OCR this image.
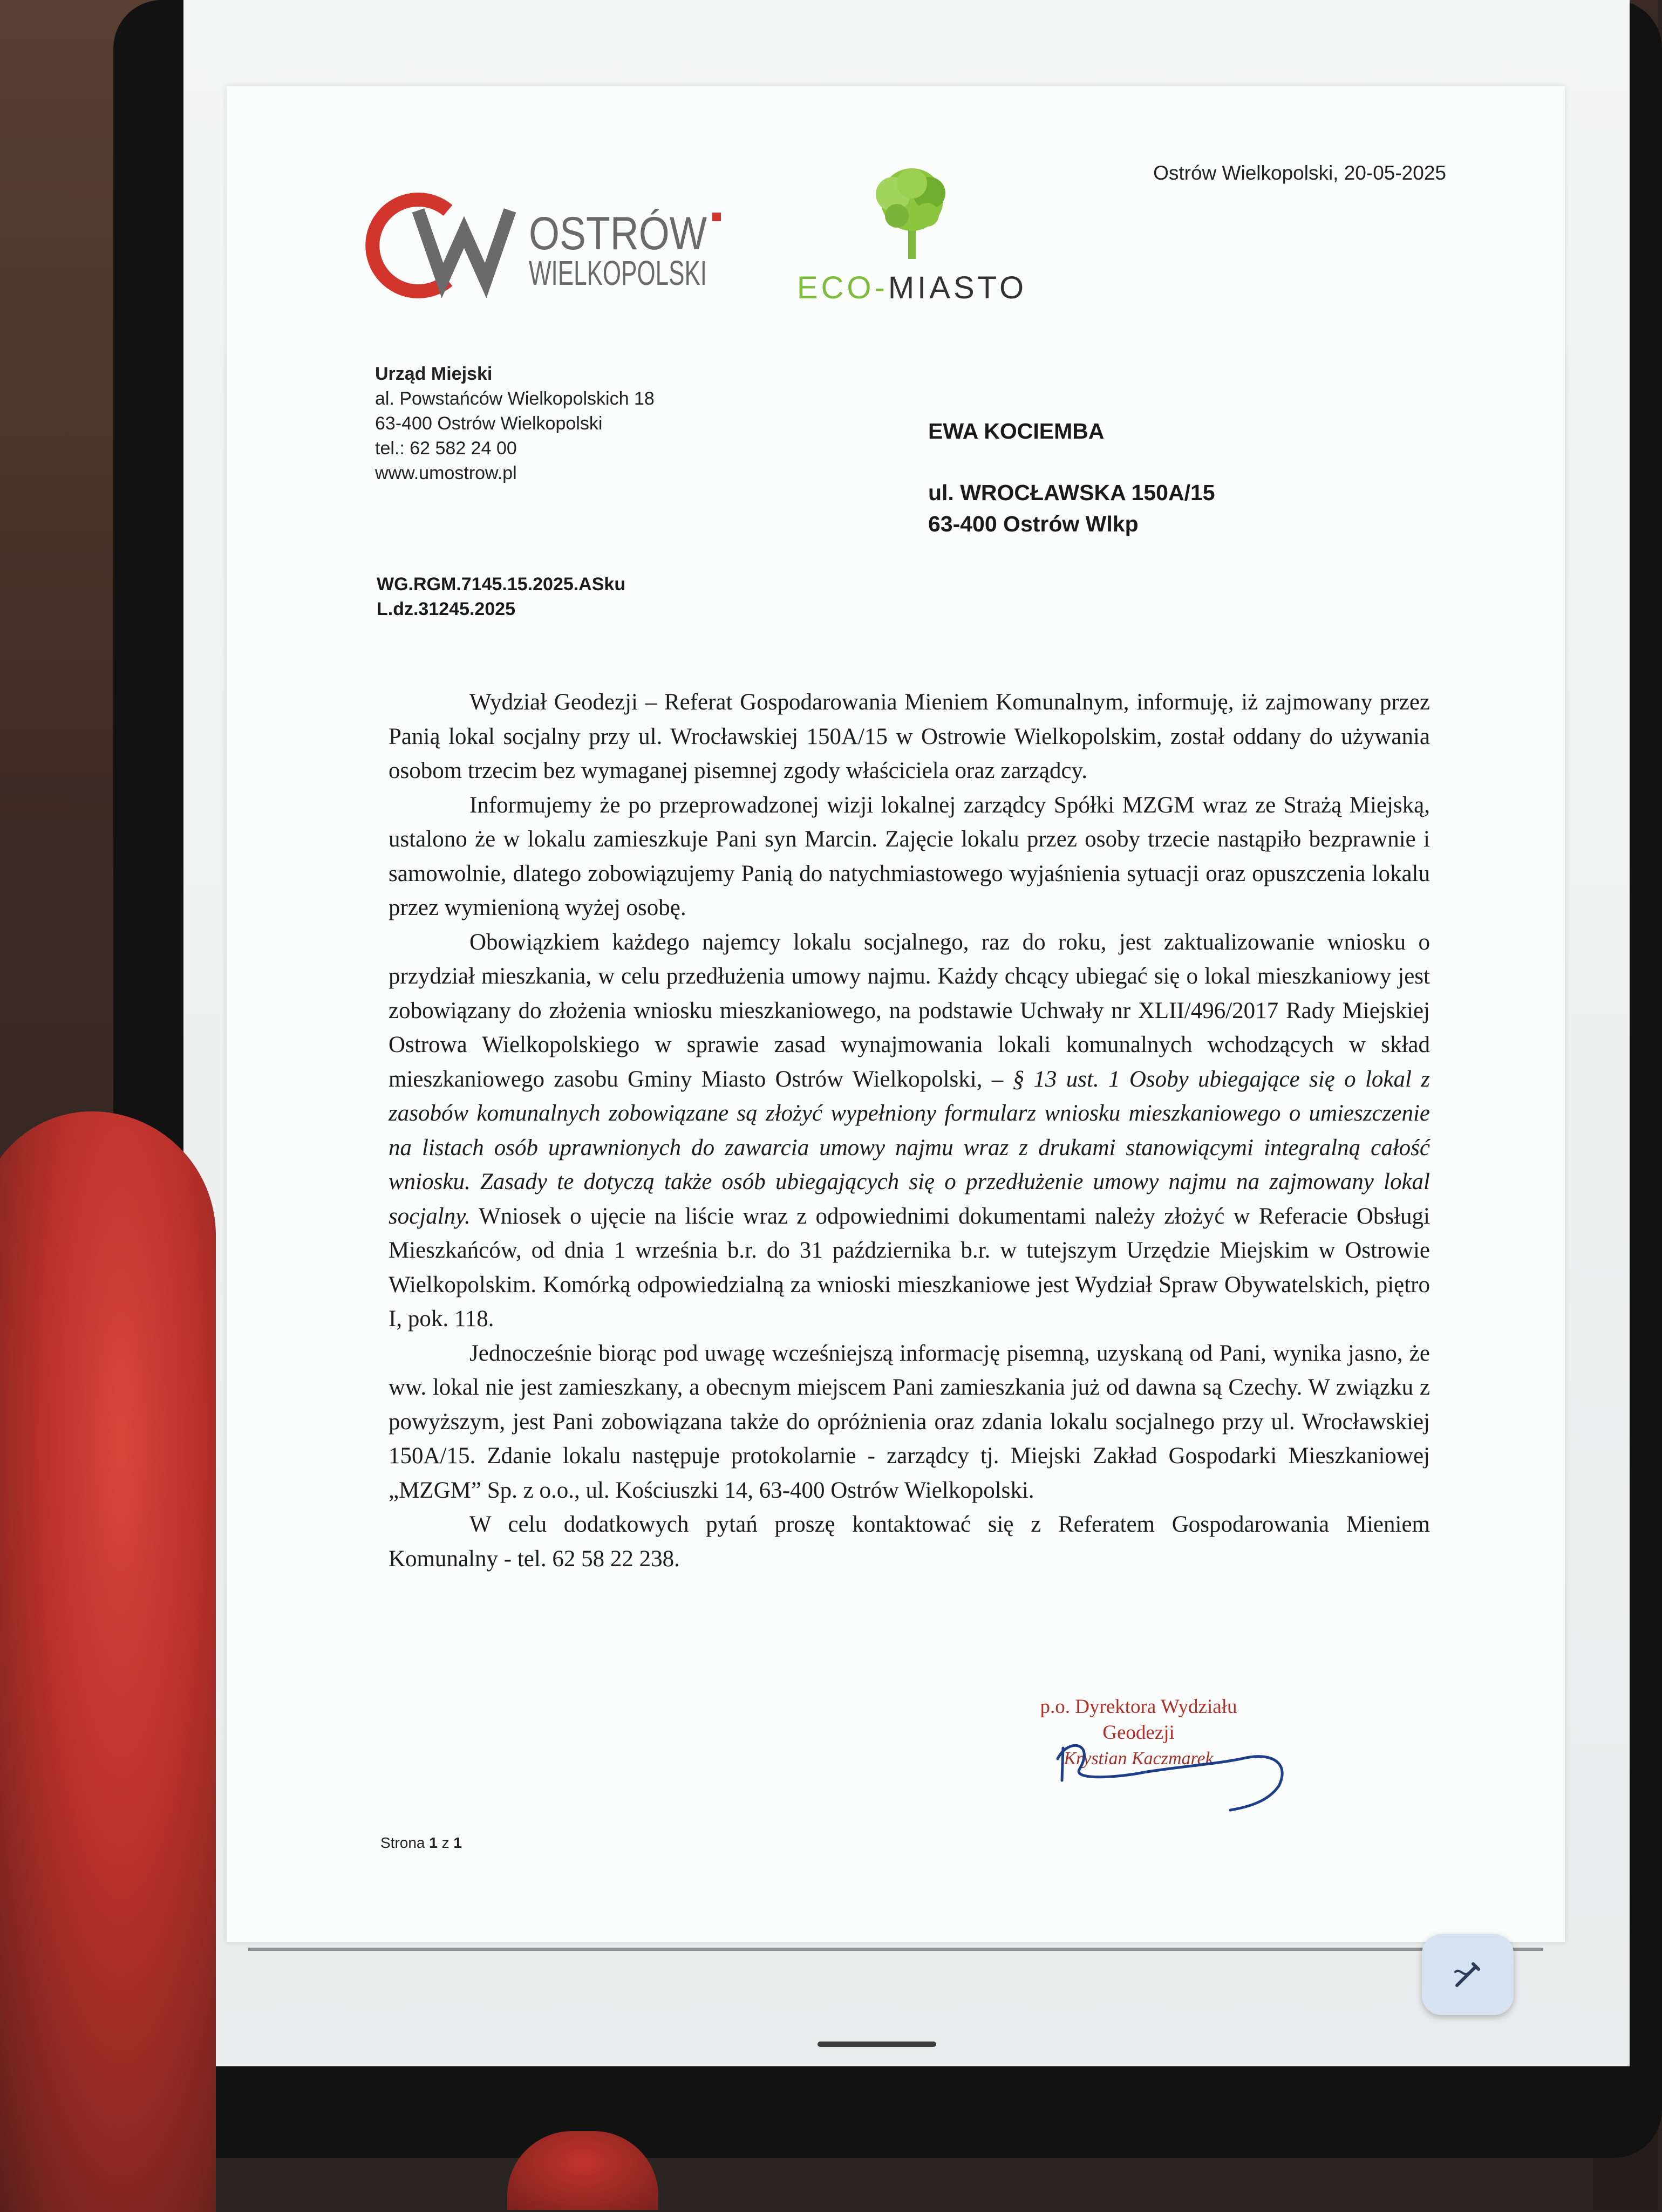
OSTRÓW
WIELKOPOLSKI	ECO-MIASTO
Ostrów Wielkopolski, 20-05-2025
Urząd Miejski
al. Powstańców Wielkopolskich 18
63-400 Ostrów Wielkopolski
tel.: 62 582 24 00
www.umostrow.pl
EWA KOCIEMBA
ul. WROCŁAWSKA 150A/15
63-400 Ostrów Wlkp
WG.RGM.7145.15.2025.ASku
L.dz.31245.2025

Wydział Geodezji – Referat Gospodarowania Mieniem Komunalnym, informuję, iż zajmowany przez Panią lokal socjalny przy ul. Wrocławskiej 150A/15 w Ostrowie Wielkopolskim, został oddany do używania osobom trzecim bez wymaganej pisemnej zgody właściciela oraz zarządcy.

Informujemy że po przeprowadzonej wizji lokalnej zarządcy Spółki MZGM wraz ze Strażą Miejską, ustalono że w lokalu zamieszkuje Pani syn Marcin. Zajęcie lokalu przez osoby trzecie nastąpiło bezprawnie i samowolnie, dlatego zobowiązujemy Panią do natychmiastowego wyjaśnienia sytuacji oraz opuszczenia lokalu przez wymienioną wyżej osobę.

Obowiązkiem każdego najemcy lokalu socjalnego, raz do roku, jest zaktualizowanie wniosku o przydział mieszkania, w celu przedłużenia umowy najmu. Każdy chcący ubiegać się o lokal mieszkaniowy jest zobowiązany do złożenia wniosku mieszkaniowego, na podstawie Uchwały nr XLII/496/2017 Rady Miejskiej Ostrowa Wielkopolskiego w sprawie zasad wynajmowania lokali komunalnych wchodzących w skład mieszkaniowego zasobu Gminy Miasto Ostrów Wielkopolski, – § 13 ust. 1 Osoby ubiegające się o lokal z zasobów komunalnych zobowiązane są złożyć wypełniony formularz wniosku mieszkaniowego o umieszczenie na listach osób uprawnionych do zawarcia umowy najmu wraz z drukami stanowiącymi integralną całość wniosku. Zasady te dotyczą także osób ubiegających się o przedłużenie umowy najmu na zajmowany lokal socjalny. Wniosek o ujęcie na liście wraz z odpowiednimi dokumentami należy złożyć w Referacie Obsługi Mieszkańców, od dnia 1 września b.r. do 31 października b.r. w tutejszym Urzędzie Miejskim w Ostrowie Wielkopolskim. Komórką odpowiedzialną za wnioski mieszkaniowe jest Wydział Spraw Obywatelskich, piętro I, pok. 118.

Jednocześnie biorąc pod uwagę wcześniejszą informację pisemną, uzyskaną od Pani, wynika jasno, że ww. lokal nie jest zamieszkany, a obecnym miejscem Pani zamieszkania już od dawna są Czechy. W związku z powyższym, jest Pani zobowiązana także do opróżnienia oraz zdania lokalu socjalnego przy ul. Wrocławskiej 150A/15. Zdanie lokalu następuje protokolarnie - zarządcy tj. Miejski Zakład Gospodarki Mieszkaniowej „MZGM” Sp. z o.o., ul. Kościuszki 14, 63-400 Ostrów Wielkopolski.

W celu dodatkowych pytań proszę kontaktować się z Referatem Gospodarowania Mieniem Komunalny - tel. 62 58 22 238.

p.o. Dyrektora Wydziału
Geodezji
Krystian Kaczmarek
Strona 1 z 1
